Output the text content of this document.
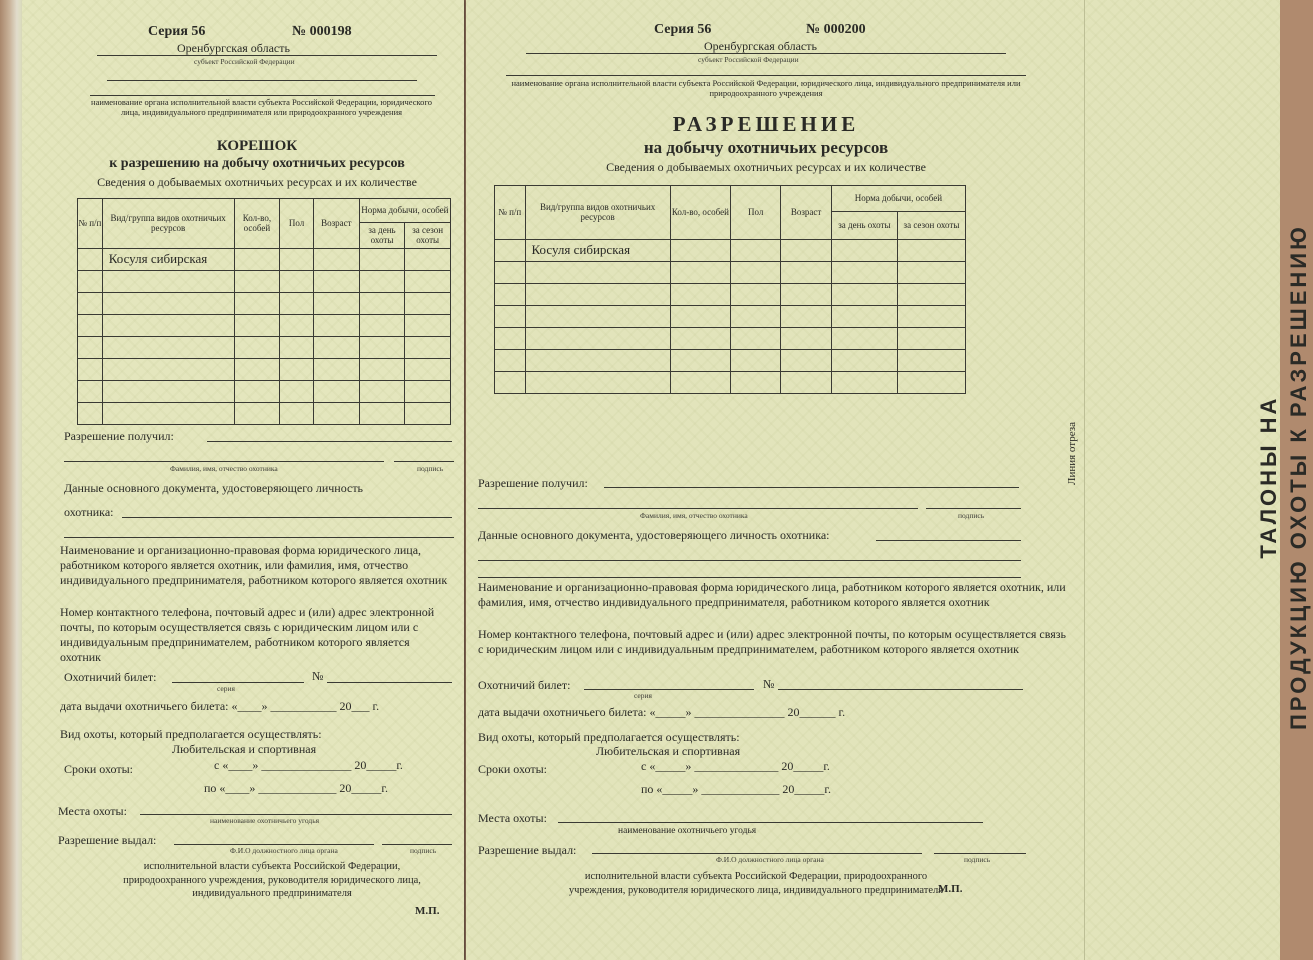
Серия 56	№ 000198
Оренбургская область
субъект Российской Федерации
наименование органа исполнительной власти субъекта Российской Федерации, юридического лица, индивидуального предпринимателя или природоохранного учреждения
КОРЕШОК
к разрешению на добычу охотничьих ресурсов
Сведения о добываемых охотничьих ресурсах и их количестве
№ п/п	Вид/группа видов охотничьих ресурсов	Кол-во, особей	Пол	Возраст	Норма добычи, особей	
					за день охоты	за сезон охоты
	Косуля сибирская					

Разрешение получил:
Фамилия, имя, отчество охотника	подпись
Данные основного документа, удостоверяющего личность
охотника:
Наименование и организационно-правовая форма юридического лица, работником которого является охотник, или фамилия, имя, отчество индивидуального предпринимателя, работником которого является охотник
Номер контактного телефона, почтовый адрес и (или) адрес электронной почты, по которым осуществляется связь с юридическим лицом или с индивидуальным предпринимателем, работником которого является охотник
Охотничий билет:
серия
№
дата выдачи охотничьего билета: «____» ___________ 20___ г.
Вид охоты, который предполагается осуществлять:
Любительская и спортивная
Сроки охоты:	с «____» _______________ 20_____г.
по «____» _____________ 20_____г.
Места охоты:
наименование охотничьего угодья
Разрешение выдал:
Ф.И.О должностного лица органа	подпись
исполнительной власти субъекта Российской Федерации, природоохранного учреждения, руководителя юридического лица, индивидуального предпринимателя
М.П.
Серия 56	№ 000200
Оренбургская область
субъект Российской Федерации
наименование органа исполнительной власти субъекта Российской Федерации, юридического лица, индивидуального предпринимателя или природоохранного учреждения
РАЗРЕШЕНИЕ
на добычу охотничьих ресурсов
Сведения о добываемых охотничьих ресурсах и их количестве
№ п/п	Вид/группа видов охотничьих ресурсов	Кол-во, особей	Пол	Возраст	Норма добычи, особей	
					за день охоты	за сезон охоты
	Косуля сибирская					

Разрешение получил:
Фамилия, имя, отчество охотника	подпись
Данные основного документа, удостоверяющего личность охотника:
Наименование и организационно-правовая форма юридического лица, работником которого является охотник, или фамилия, имя, отчество индивидуального предпринимателя, работником которого является охотник
Номер контактного телефона, почтовый адрес и (или) адрес электронной почты, по которым осуществляется связь с юридическим лицом или с индивидуальным предпринимателем, работником которого является охотник
Охотничий билет:
серия
№
дата выдачи охотничьего билета: «_____» _______________ 20______ г.
Вид охоты, который предполагается осуществлять:
Любительская и спортивная
Сроки охоты:	с «_____» ______________ 20_____г.
по «_____» _____________ 20_____г.
Места охоты:
наименование охотничьего угодья
Разрешение выдал:
Ф.И.О должностного лица органа	подпись
исполнительной власти субъекта Российской Федерации, природоохранного учреждения, руководителя юридического лица, индивидуального предпринимателя
М.П.
Линия отреза	ТАЛОНЫ НА ПРОДУКЦИЮ ОХОТЫ К РАЗРЕШЕНИЮ
